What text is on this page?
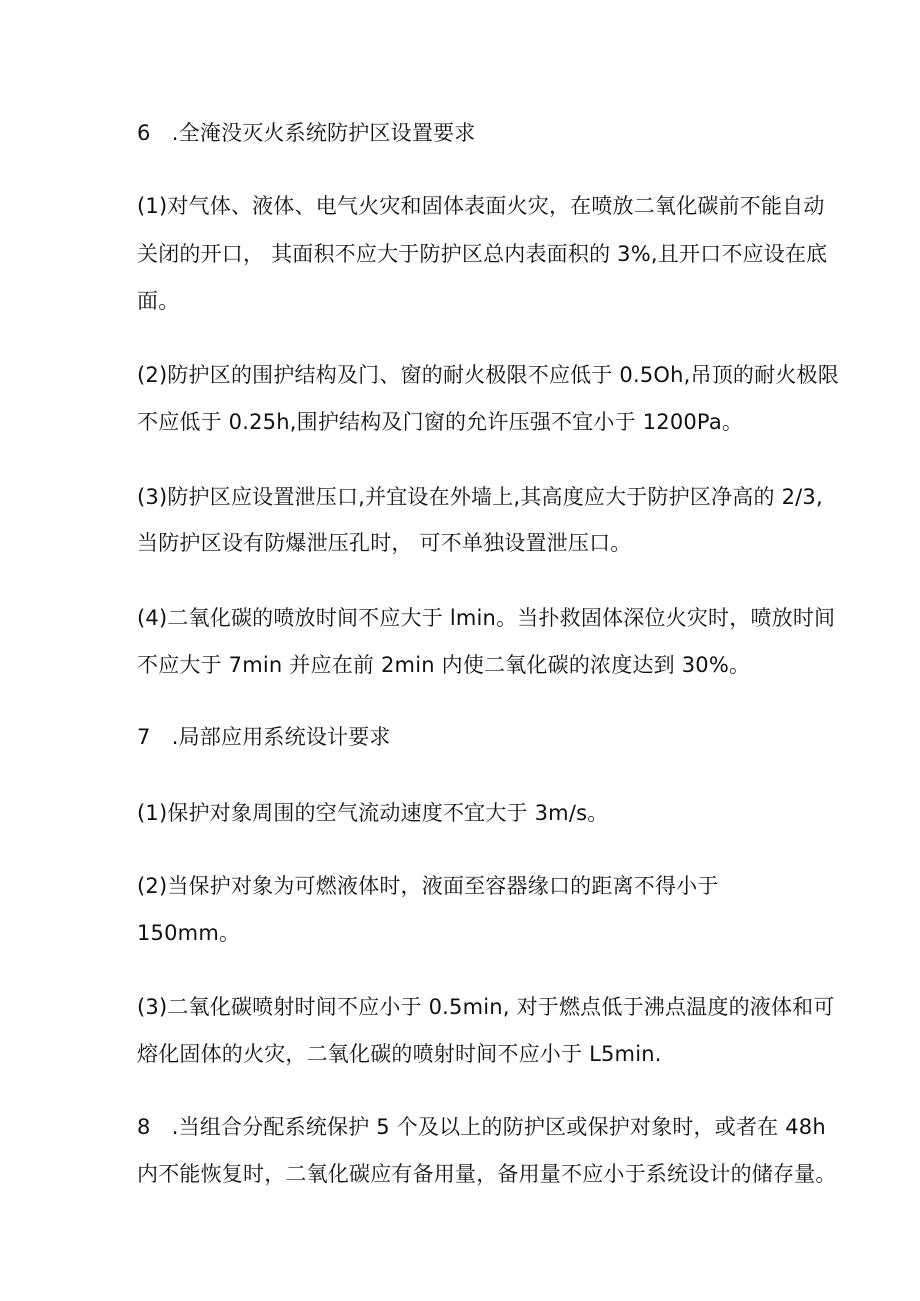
6　.全淹没灭火系统防护区设置要求
(1)对气体、液体、电气火灾和固体表面火灾，在喷放二氧化碳前不能自动
关闭的开口， 其面积不应大于防护区总内表面积的 3%,且开口不应设在底
面。
(2)防护区的围护结构及门、窗的耐火极限不应低于 0.5Oh,吊顶的耐火极限
不应低于 0.25h,围护结构及门窗的允许压强不宜小于 1200Pa。
(3)防护区应设置泄压口,并宜设在外墙上,其高度应大于防护区净高的 2/3,
当防护区设有防爆泄压孔时， 可不单独设置泄压口。
(4)二氧化碳的喷放时间不应大于 lmin。当扑救固体深位火灾时，喷放时间
不应大于 7min 并应在前 2min 内使二氧化碳的浓度达到 30%。
7　.局部应用系统设计要求
(1)保护对象周围的空气流动速度不宜大于 3m∕s。
(2)当保护对象为可燃液体时，液面至容器缘口的距离不得小于
150mm。
(3)二氧化碳喷射时间不应小于 0.5min, 对于燃点低于沸点温度的液体和可
熔化固体的火灾，二氧化碳的喷射时间不应小于 L5min.
8　.当组合分配系统保护 5 个及以上的防护区或保护对象时，或者在 48h
内不能恢复时，二氧化碳应有备用量，备用量不应小于系统设计的储存量。
